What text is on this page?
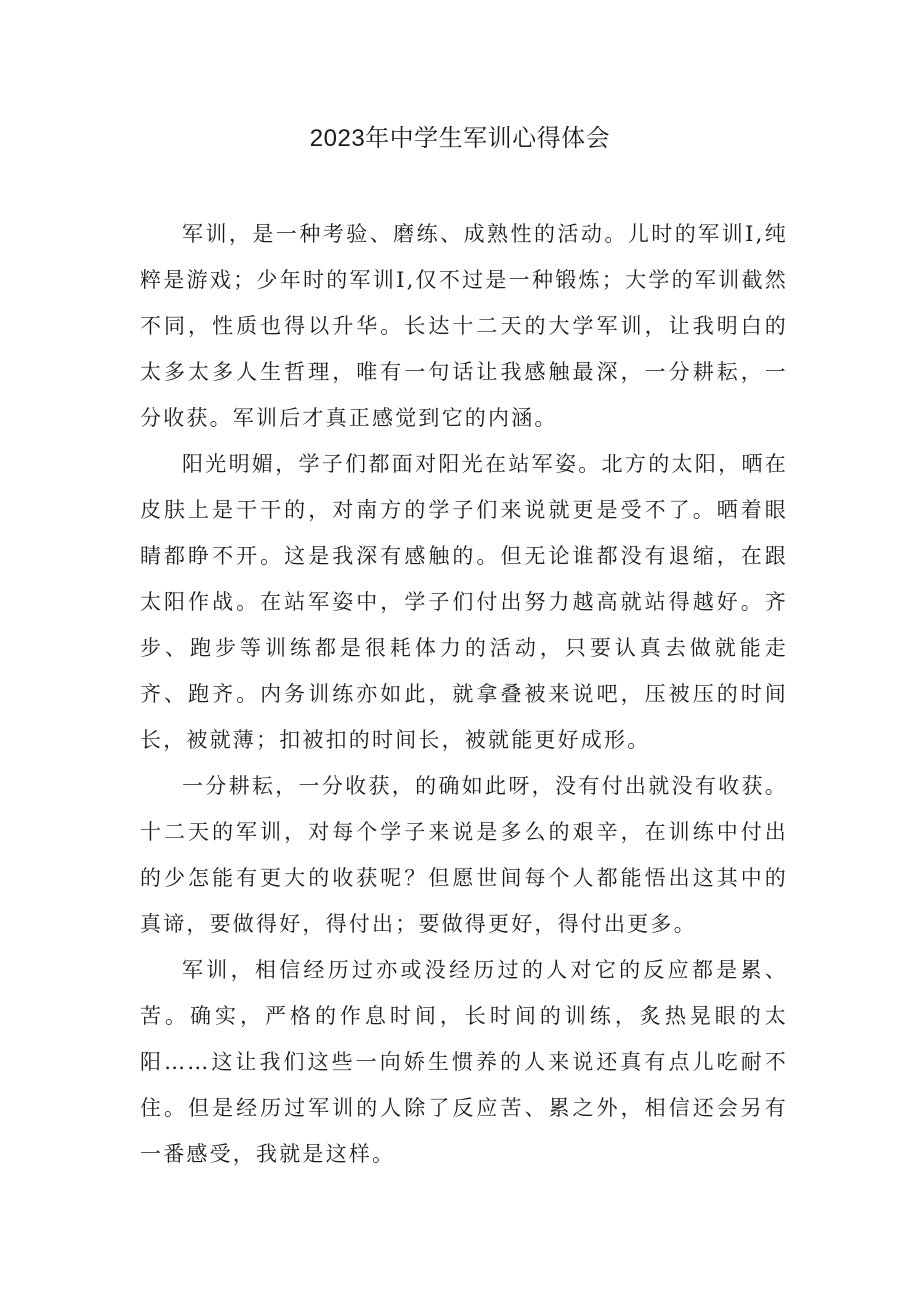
2023年中学生军训心得体会

军训，是一种考验、磨练、成熟性的活动。儿时的军训I,纯粹是游戏；少年时的军训I,仅不过是一种锻炼；大学的军训截然不同，性质也得以升华。长达十二天的大学军训，让我明白的太多太多人生哲理，唯有一句话让我感触最深，一分耕耘，一分收获。军训后才真正感觉到它的内涵。

阳光明媚，学子们都面对阳光在站军姿。北方的太阳，晒在皮肤上是干干的，对南方的学子们来说就更是受不了。晒着眼睛都睁不开。这是我深有感触的。但无论谁都没有退缩，在跟太阳作战。在站军姿中，学子们付出努力越高就站得越好。齐步、跑步等训练都是很耗体力的活动，只要认真去做就能走齐、跑齐。内务训练亦如此，就拿叠被来说吧，压被压的时间长，被就薄；扣被扣的时间长，被就能更好成形。

一分耕耘，一分收获，的确如此呀，没有付出就没有收获。十二天的军训，对每个学子来说是多么的艰辛，在训练中付出的少怎能有更大的收获呢？但愿世间每个人都能悟出这其中的真谛，要做得好，得付出；要做得更好，得付出更多。

军训，相信经历过亦或没经历过的人对它的反应都是累、苦。确实，严格的作息时间，长时间的训练，炙热晃眼的太阳……这让我们这些一向娇生惯养的人来说还真有点儿吃耐不住。但是经历过军训的人除了反应苦、累之外，相信还会另有一番感受，我就是这样。
